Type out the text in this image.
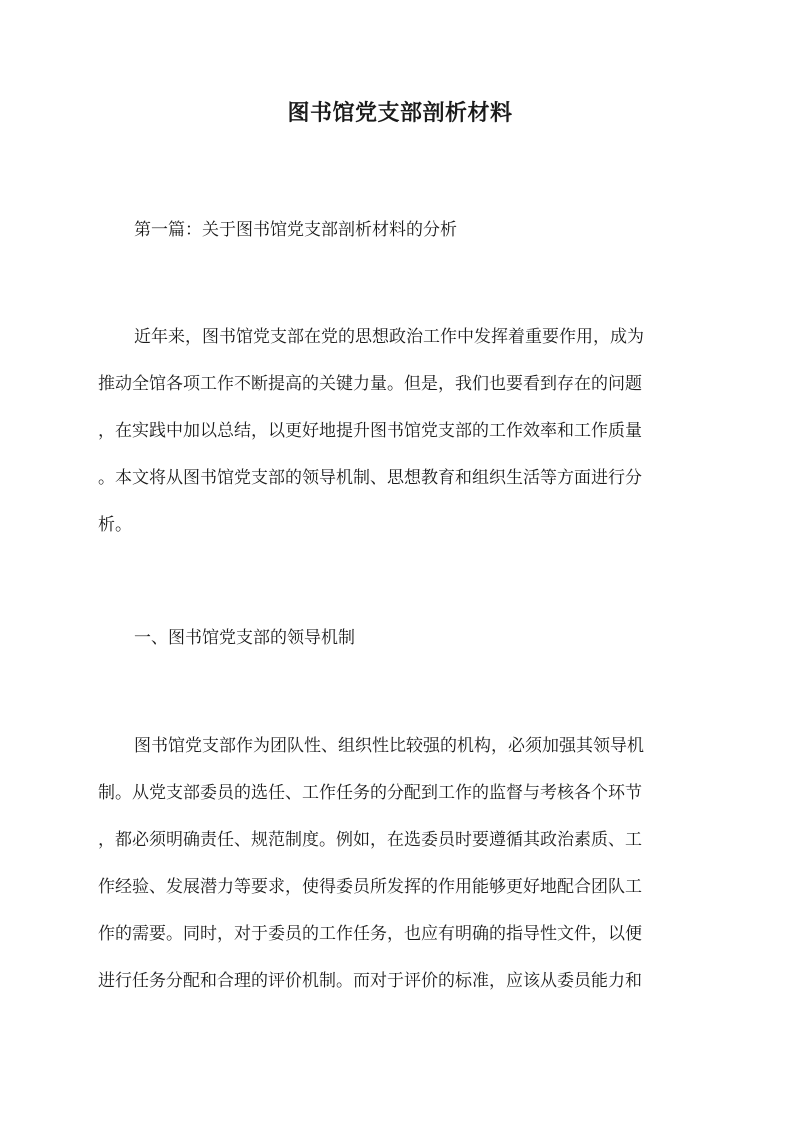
图书馆党支部剖析材料
第一篇：关于图书馆党支部剖析材料的分析
近年来，图书馆党支部在党的思想政治工作中发挥着重要作用，成为
推动全馆各项工作不断提高的关键力量。但是，我们也要看到存在的问题
，在实践中加以总结，以更好地提升图书馆党支部的工作效率和工作质量
。本文将从图书馆党支部的领导机制、思想教育和组织生活等方面进行分
析。
一、图书馆党支部的领导机制
图书馆党支部作为团队性、组织性比较强的机构，必须加强其领导机
制。从党支部委员的选任、工作任务的分配到工作的监督与考核各个环节
，都必须明确责任、规范制度。例如，在选委员时要遵循其政治素质、工
作经验、发展潜力等要求，使得委员所发挥的作用能够更好地配合团队工
作的需要。同时，对于委员的工作任务，也应有明确的指导性文件，以便
进行任务分配和合理的评价机制。而对于评价的标准，应该从委员能力和
